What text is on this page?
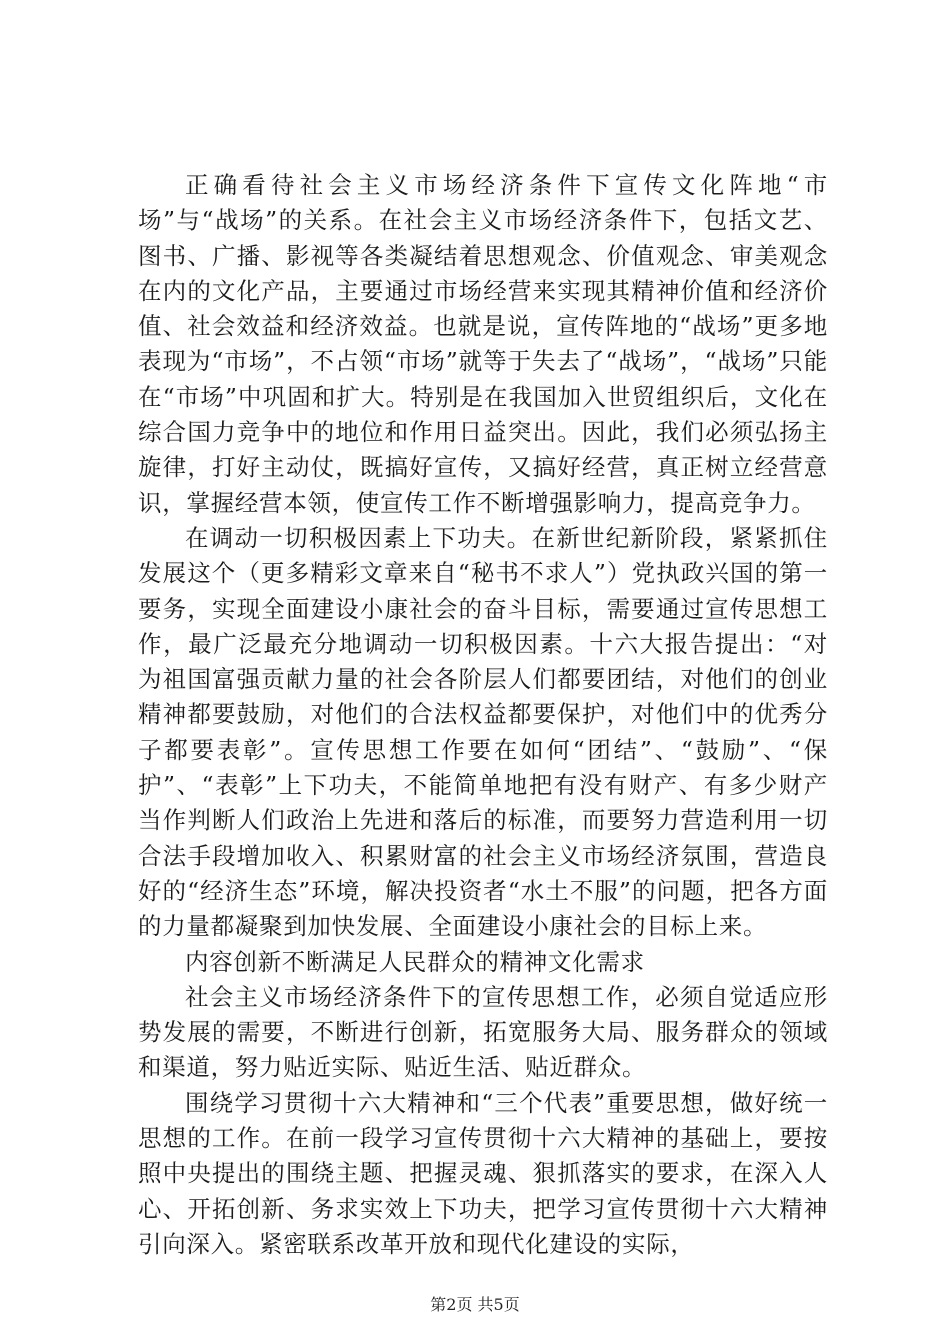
正确看待社会主义市场经济条件下宣传文化阵地“市场”与“战场”的关系。在社会主义市场经济条件下，包括文艺、图书、广播、影视等各类凝结着思想观念、价值观念、审美观念在内的文化产品，主要通过市场经营来实现其精神价值和经济价值、社会效益和经济效益。也就是说，宣传阵地的“战场”更多地表现为“市场”，不占领“市场”就等于失去了“战场”，“战场”只能在“市场”中巩固和扩大。特别是在我国加入世贸组织后，文化在综合国力竞争中的地位和作用日益突出。因此，我们必须弘扬主旋律，打好主动仗，既搞好宣传，又搞好经营，真正树立经营意识，掌握经营本领，使宣传工作不断增强影响力，提高竞争力。

在调动一切积极因素上下功夫。在新世纪新阶段，紧紧抓住发展这个（更多精彩文章来自“秘书不求人”）党执政兴国的第一要务，实现全面建设小康社会的奋斗目标，需要通过宣传思想工作，最广泛最充分地调动一切积极因素。十六大报告提出：“对为祖国富强贡献力量的社会各阶层人们都要团结，对他们的创业精神都要鼓励，对他们的合法权益都要保护，对他们中的优秀分子都要表彰”。宣传思想工作要在如何“团结”、“鼓励”、“保护”、“表彰”上下功夫，不能简单地把有没有财产、有多少财产当作判断人们政治上先进和落后的标准，而要努力营造利用一切合法手段增加收入、积累财富的社会主义市场经济氛围，营造良好的“经济生态”环境，解决投资者“水土不服”的问题，把各方面的力量都凝聚到加快发展、全面建设小康社会的目标上来。

内容创新不断满足人民群众的精神文化需求

社会主义市场经济条件下的宣传思想工作，必须自觉适应形势发展的需要，不断进行创新，拓宽服务大局、服务群众的领域和渠道，努力贴近实际、贴近生活、贴近群众。

围绕学习贯彻十六大精神和“三个代表”重要思想，做好统一思想的工作。在前一段学习宣传贯彻十六大精神的基础上，要按照中央提出的围绕主题、把握灵魂、狠抓落实的要求，在深入人心、开拓创新、务求实效上下功夫，把学习宣传贯彻十六大精神引向深入。紧密联系改革开放和现代化建设的实际，

第2页 共5页
